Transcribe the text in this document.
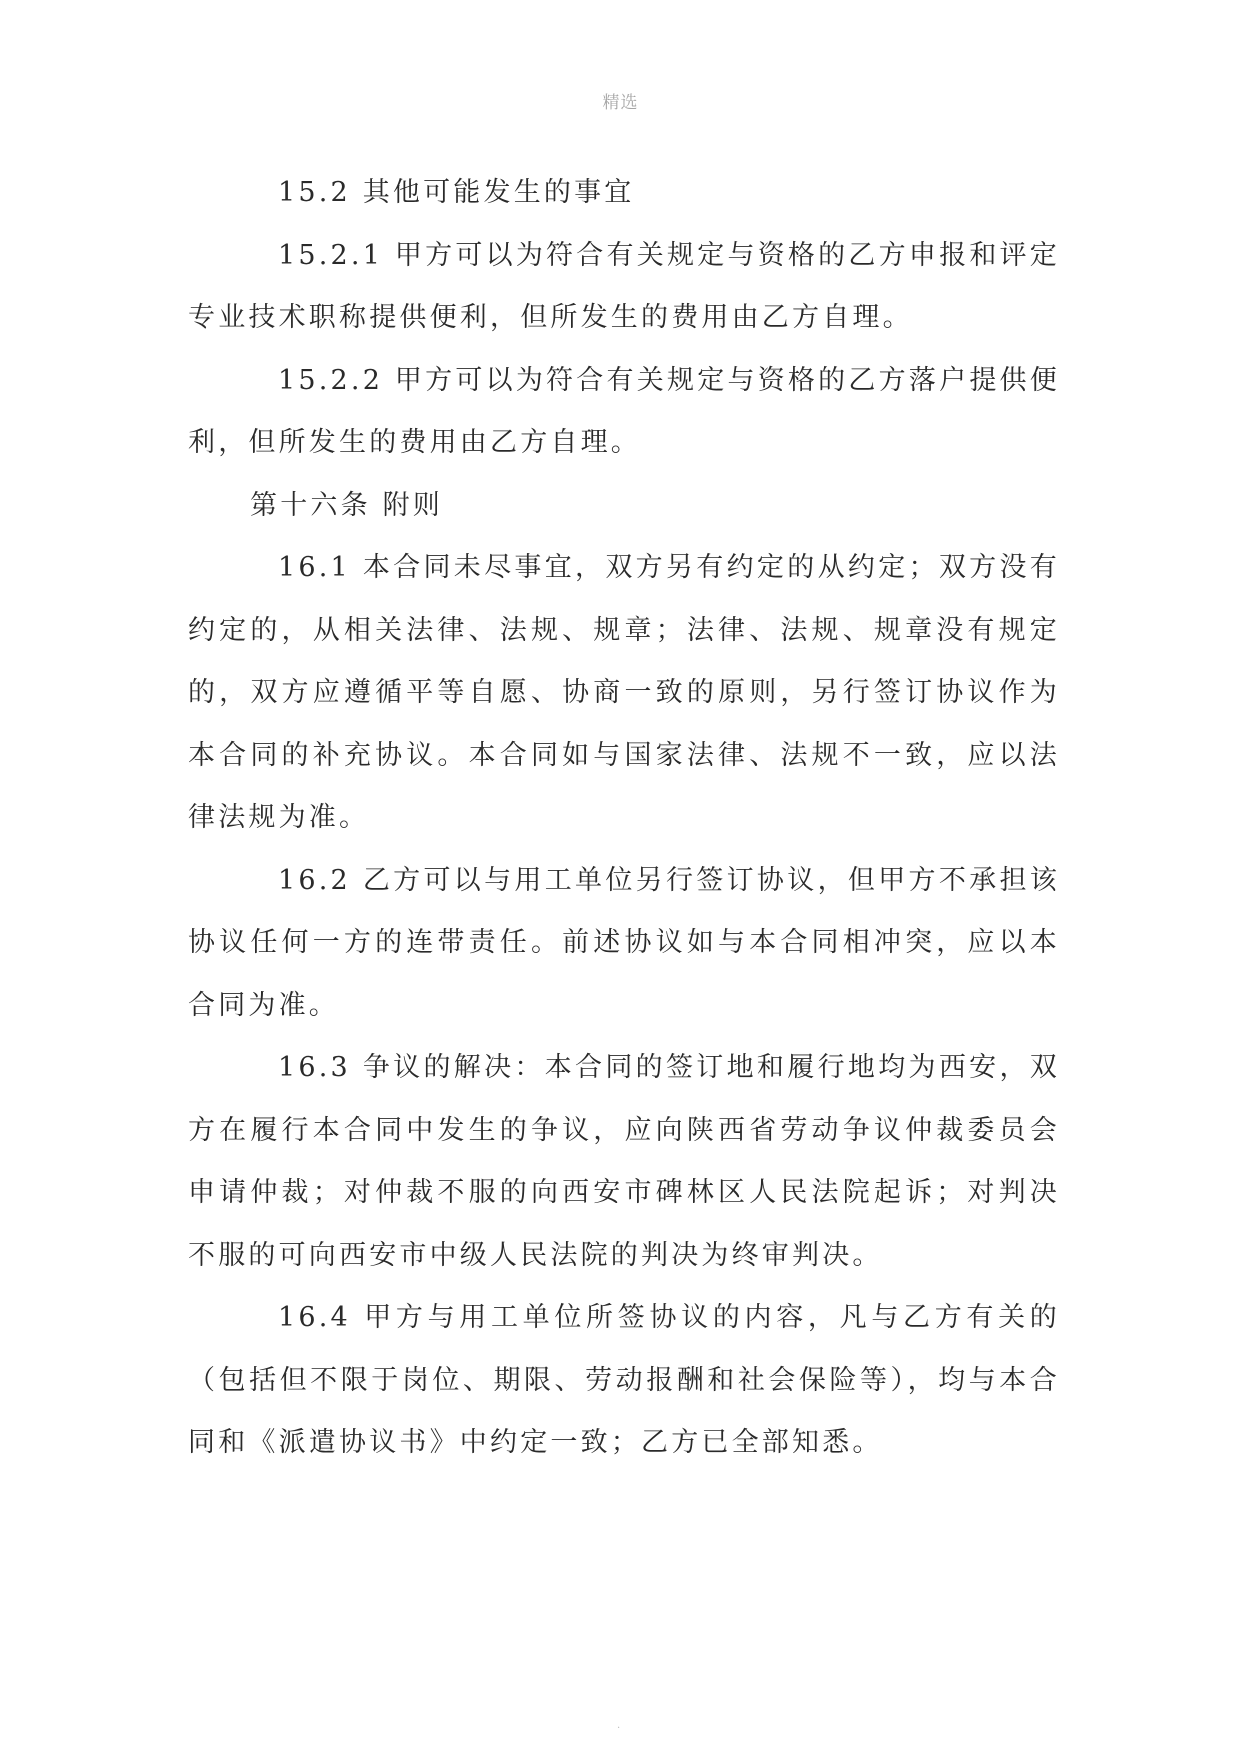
精选

15.2 其他可能发生的事宜

15.2.1 甲方可以为符合有关规定与资格的乙方申报和评定专业技术职称提供便利，但所发生的费用由乙方自理。

15.2.2 甲方可以为符合有关规定与资格的乙方落户提供便利，但所发生的费用由乙方自理。

第十六条 附则

16.1 本合同未尽事宜，双方另有约定的从约定；双方没有约定的，从相关法律、法规、规章；法律、法规、规章没有规定的，双方应遵循平等自愿、协商一致的原则，另行签订协议作为本合同的补充协议。本合同如与国家法律、法规不一致，应以法律法规为准。

16.2 乙方可以与用工单位另行签订协议，但甲方不承担该协议任何一方的连带责任。前述协议如与本合同相冲突，应以本合同为准。

16.3 争议的解决：本合同的签订地和履行地均为西安，双方在履行本合同中发生的争议，应向陕西省劳动争议仲裁委员会申请仲裁；对仲裁不服的向西安市碑林区人民法院起诉；对判决不服的可向西安市中级人民法院的判决为终审判决。

16.4 甲方与用工单位所签协议的内容，凡与乙方有关的（包括但不限于岗位、期限、劳动报酬和社会保险等），均与本合同和《派遣协议书》中约定一致；乙方已全部知悉。

.
